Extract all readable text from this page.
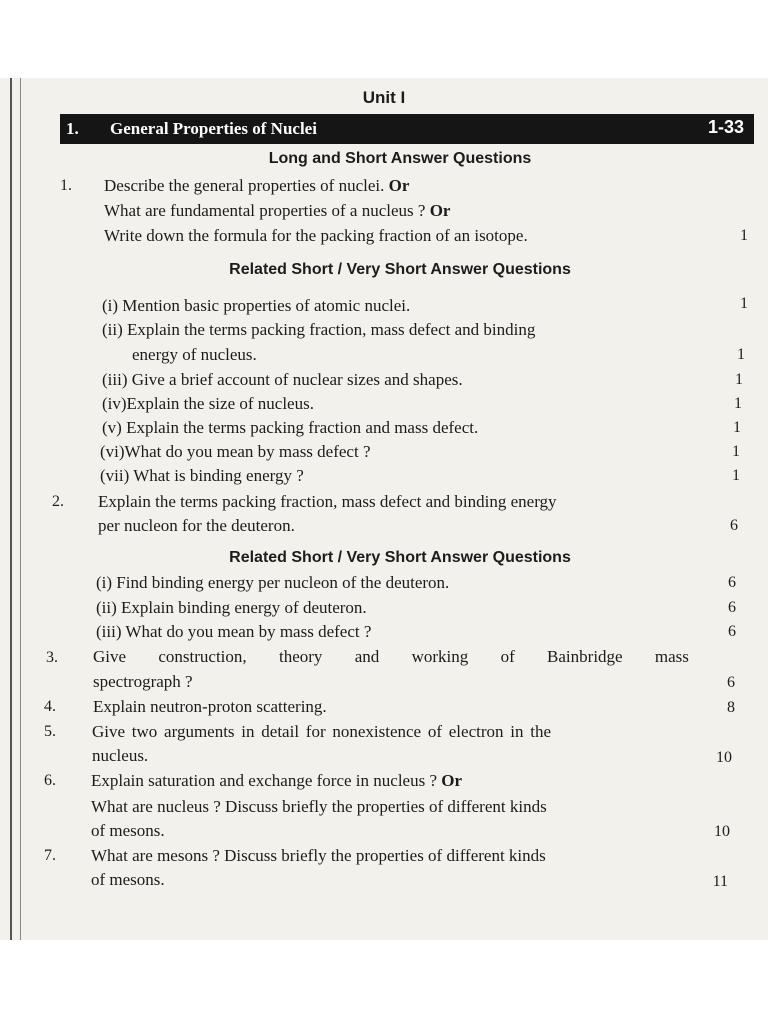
Unit I
1. General Properties of Nuclei	1-33
Long and Short Answer Questions
1. Describe the general properties of nuclei. Or
What are fundamental properties of a nucleus ? Or
Write down the formula for the packing fraction of an isotope.	1
Related Short / Very Short Answer Questions
(i) Mention basic properties of atomic nuclei.	1
(ii) Explain the terms packing fraction, mass defect and binding
energy of nucleus.	1
(iii) Give a brief account of nuclear sizes and shapes.	1
(iv)Explain the size of nucleus.	1
(v) Explain the terms packing fraction and mass defect.	1
(vi)What do you mean by mass defect ?	1
(vii) What is binding energy ?	1
2. Explain the terms packing fraction, mass defect and binding energy
per nucleon for the deuteron.	6
Related Short / Very Short Answer Questions
(i) Find binding energy per nucleon of the deuteron.	6
(ii) Explain binding energy of deuteron.	6
(iii) What do you mean by mass defect ?	6
3. Give construction, theory and working of Bainbridge mass
spectrograph ?	6
4. Explain neutron-proton scattering.	8
5. Give two arguments in detail for nonexistence of electron in the
nucleus.	10
6. Explain saturation and exchange force in nucleus ? Or
What are nucleus ? Discuss briefly the properties of different kinds
of mesons.	10
7. What are mesons ? Discuss briefly the properties of different kinds
of mesons.	11
